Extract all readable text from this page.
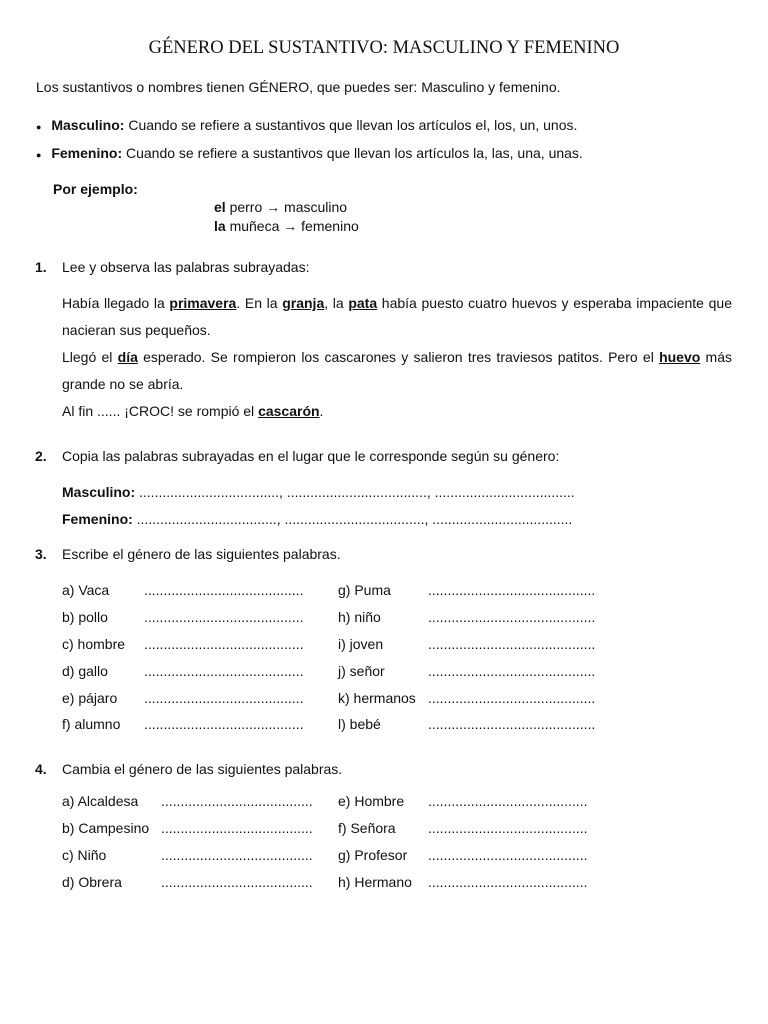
GÉNERO DEL SUSTANTIVO: MASCULINO Y FEMENINO
Los sustantivos o nombres tienen GÉNERO, que puedes ser: Masculino y femenino.
● Masculino: Cuando se refiere a sustantivos que llevan los artículos el, los, un, unos.
● Femenino: Cuando se refiere a sustantivos que llevan los artículos la, las, una, unas.
Por ejemplo:
el perro → masculino
la muñeca → femenino
1. Lee y observa las palabras subrayadas:
Había llegado la primavera. En la granja, la pata había puesto cuatro huevos y esperaba impaciente que nacieran sus pequeños.
Llegó el día esperado. Se rompieron los cascarones y salieron tres traviesos patitos. Pero el huevo más grande no se abría.
Al fin ...... ¡CROC! se rompió el cascarón.
2. Copia las palabras subrayadas en el lugar que le corresponde según su género:
Masculino: ...................................., ...................................., ....................................
Femenino: ...................................., ...................................., ....................................
3. Escribe el género de las siguientes palabras.
a) Vaca
b) pollo
c) hombre
d) gallo
e) pájaro
f) alumno
.........................................
.........................................
.........................................
.........................................
.........................................
.........................................
g) Puma
h) niño
i) joven
j) señor
k) hermanos
l) bebé
...........................................
...........................................
...........................................
...........................................
...........................................
...........................................
4. Cambia el género de las siguientes palabras.
a) Alcaldesa
b) Campesino
c) Niño
d) Obrera
.......................................
.......................................
.......................................
.......................................
e) Hombre
f) Señora
g) Profesor
h) Hermano
.........................................
.........................................
.........................................
.........................................
